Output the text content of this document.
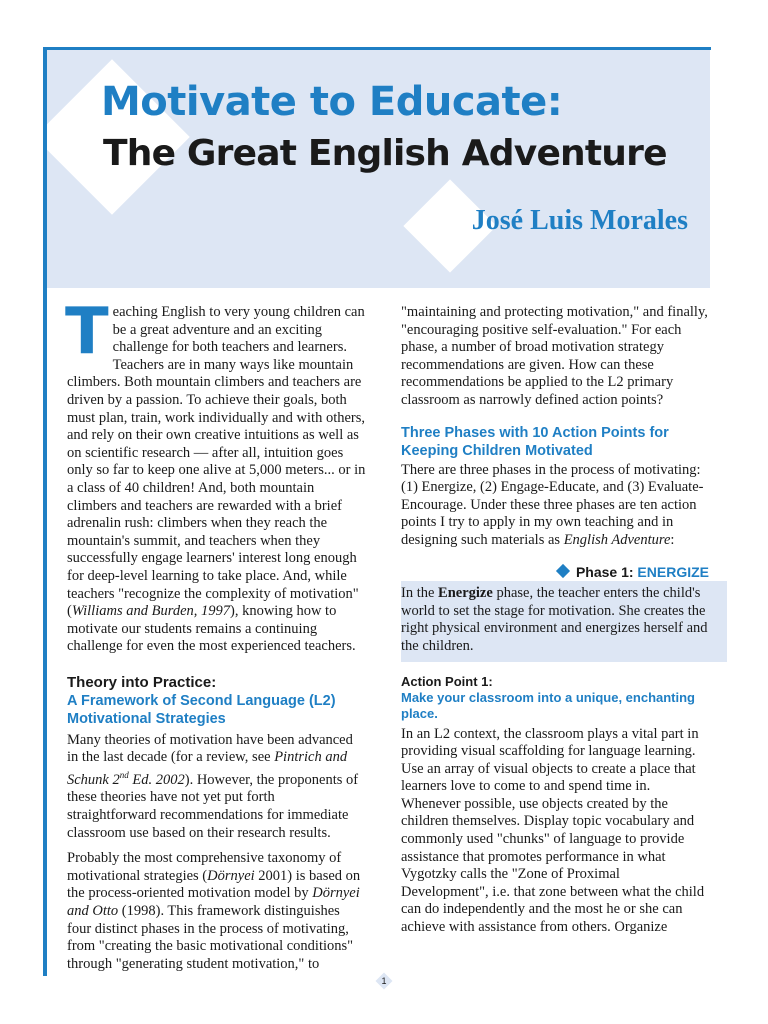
Motivate to Educate:
The Great English Adventure
José Luis Morales

Teaching English to very young children can be a great adventure and an exciting challenge for both teachers and learners. Teachers are in many ways like mountain climbers. Both mountain climbers and teachers are driven by a passion. To achieve their goals, both must plan, train, work individually and with others, and rely on their own creative intuitions as well as on scientific research — after all, intuition goes only so far to keep one alive at 5,000 meters... or in a class of 40 children! And, both mountain climbers and teachers are rewarded with a brief adrenalin rush: climbers when they reach the mountain's summit, and teachers when they successfully engage learners' interest long enough for deep-level learning to take place. And, while teachers "recognize the complexity of motivation" (Williams and Burden, 1997), knowing how to motivate our students remains a continuing challenge for even the most experienced teachers.

Theory into Practice:

A Framework of Second Language (L2) Motivational Strategies

Many theories of motivation have been advanced in the last decade (for a review, see Pintrich and Schunk 2nd Ed. 2002). However, the proponents of these theories have not yet put forth straightforward recommendations for immediate classroom use based on their research results.

Probably the most comprehensive taxonomy of motivational strategies (Dörnyei 2001) is based on the process-oriented motivation model by Dörnyei and Otto (1998). This framework distinguishes four distinct phases in the process of motivating, from "creating the basic motivational conditions" through "generating student motivation," to

"maintaining and protecting motivation," and finally, "encouraging positive self-evaluation." For each phase, a number of broad motivation strategy recommendations are given. How can these recommendations be applied to the L2 primary classroom as narrowly defined action points?

Three Phases with 10 Action Points for Keeping Children Motivated

There are three phases in the process of motivating: (1) Energize, (2) Engage-Educate, and (3) Evaluate-Encourage. Under these three phases are ten action points I try to apply in my own teaching and in designing such materials as English Adventure:

Phase 1: ENERGIZE

In the Energize phase, the teacher enters the child's world to set the stage for motivation. She creates the right physical environment and energizes herself and the children.

Action Point 1:

Make your classroom into a unique, enchanting place.

In an L2 context, the classroom plays a vital part in providing visual scaffolding for language learning. Use an array of visual objects to create a place that learners love to come to and spend time in. Whenever possible, use objects created by the children themselves. Display topic vocabulary and commonly used "chunks" of language to provide assistance that promotes performance in what Vygotzky calls the "Zone of Proximal Development", i.e. that zone between what the child can do independently and the most he or she can achieve with assistance from others. Organize

1
